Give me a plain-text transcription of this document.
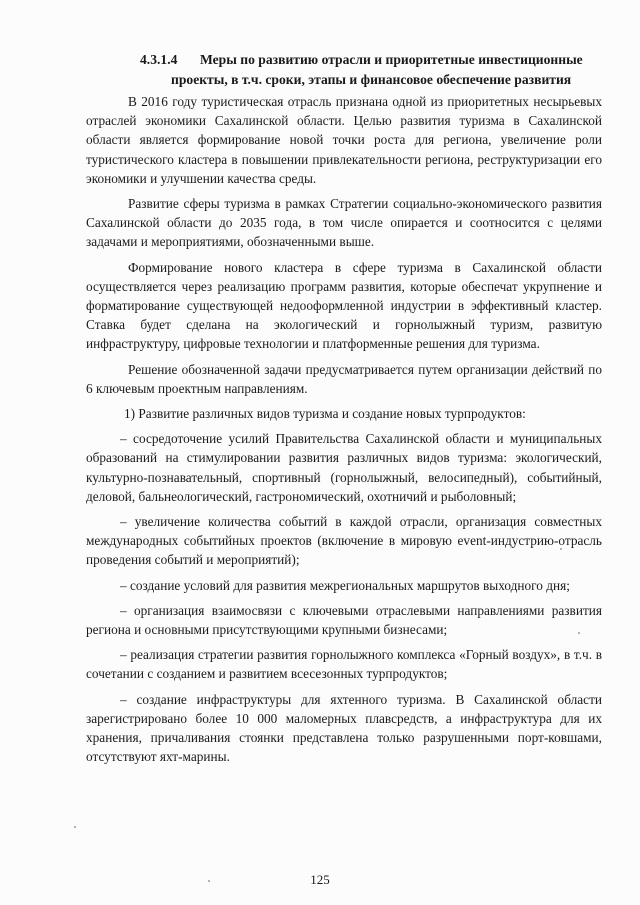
4.3.1.4 Меры по развитию отрасли и приоритетные инвестиционные
проекты, в т.ч. сроки, этапы и финансовое обеспечение развития

В 2016 году туристическая отрасль признана одной из приоритетных несырьевых отраслей экономики Сахалинской области. Целью развития туризма в Сахалинской области является формирование новой точки роста для региона, увеличение роли туристического кластера в повышении привлекательности региона, реструктуризации его экономики и улучшении качества среды.

Развитие сферы туризма в рамках Стратегии социально-экономического развития Сахалинской области до 2035 года, в том числе опирается и соотносится с целями задачами и мероприятиями, обозначенными выше.

Формирование нового кластера в сфере туризма в Сахалинской области осуществляется через реализацию программ развития, которые обеспечат укрупнение и форматирование существующей недооформленной индустрии в эффективный кластер. Ставка будет сделана на экологический и горнолыжный туризм, развитую инфраструктуру, цифровые технологии и платформенные решения для туризма.

Решение обозначенной задачи предусматривается путем организации действий по 6 ключевым проектным направлениям.

1) Развитие различных видов туризма и создание новых турпродуктов:

– сосредоточение усилий Правительства Сахалинской области и муниципальных образований на стимулировании развития различных видов туризма: экологический, культурно-познавательный, спортивный (горнолыжный, велосипедный), событийный, деловой, бальнеологический, гастрономический, охотничий и рыболовный;

– увеличение количества событий в каждой отрасли, организация совместных международных событийных проектов (включение в мировую event-индустрию-отрасль проведения событий и мероприятий);

– создание условий для развития межрегиональных маршрутов выходного дня;

– организация взаимосвязи с ключевыми отраслевыми направлениями развития региона и основными присутствующими крупными бизнесами;

– реализация стратегии развития горнолыжного комплекса «Горный воздух», в т.ч. в сочетании с созданием и развитием всесезонных турпродуктов;

– создание инфраструктуры для яхтенного туризма. В Сахалинской области зарегистрировано более 10 000 маломерных плавсредств, а инфраструктура для их хранения, причаливания стоянки представлена только разрушенными порт-ковшами, отсутствуют яхт-марины.

125
